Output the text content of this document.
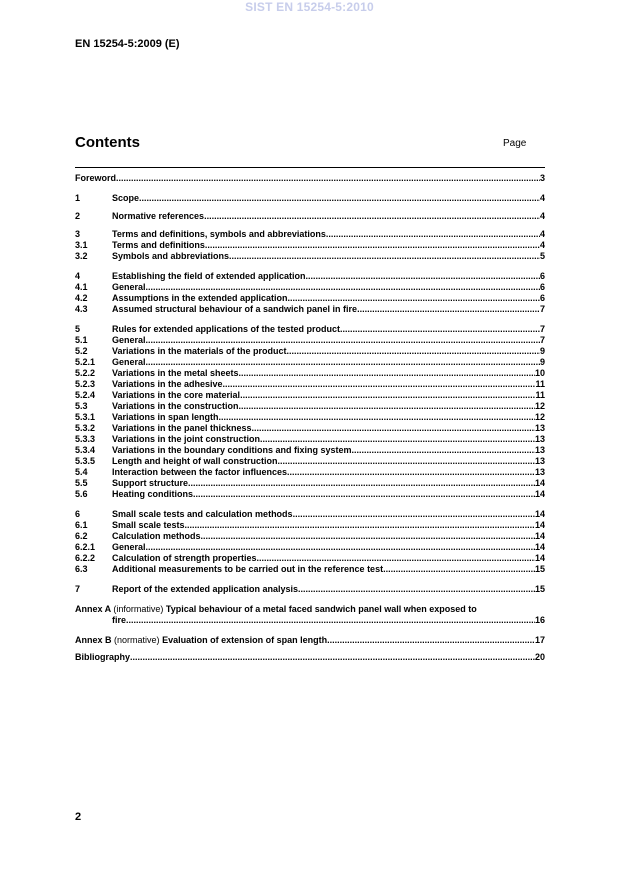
SIST EN 15254-5:2010
EN 15254-5:2009 (E)
Contents	Page
Foreword .....	3
1	Scope .....	4
2	Normative references .....	4
3	Terms and definitions, symbols and abbreviations .....	4
3.1	Terms and definitions .....	4
3.2	Symbols and abbreviations .....	5
4	Establishing the field of extended application .....	6
4.1	General .....	6
4.2	Assumptions in the extended application .....	6
4.3	Assumed structural behaviour of a sandwich panel in fire .....	7
5	Rules for extended applications of the tested product .....	7
5.1	General .....	7
5.2	Variations in the materials of the product .....	9
5.2.1 General .....	9
5.2.2 Variations in the metal sheets .....	10
5.2.3 Variations in the adhesive .....	11
5.2.4 Variations in the core material .....	11
5.3	Variations in the construction .....	12
5.3.1 Variations in span length .....	12
5.3.2 Variations in the panel thickness .....	13
5.3.3 Variations in the joint construction .....	13
5.3.4 Variations in the boundary conditions and fixing system .....	13
5.3.5 Length and height of wall construction .....	13
5.4	Interaction between the factor influences .....	13
5.5	Support structure .....	14
5.6	Heating conditions .....	14
6	Small scale tests and calculation methods .....	14
6.1	Small scale tests .....	14
6.2	Calculation methods .....	14
6.2.1 General .....	14
6.2.2 Calculation of strength properties .....	14
6.3	Additional measurements to be carried out in the reference test .....	15
7	Report of the extended application analysis .....	15
Annex A (informative) Typical behaviour of a metal faced sandwich panel wall when exposed to
fire .....	16
Annex B (normative) Evaluation of extension of span length .....	17
Bibliography .....	20
2
